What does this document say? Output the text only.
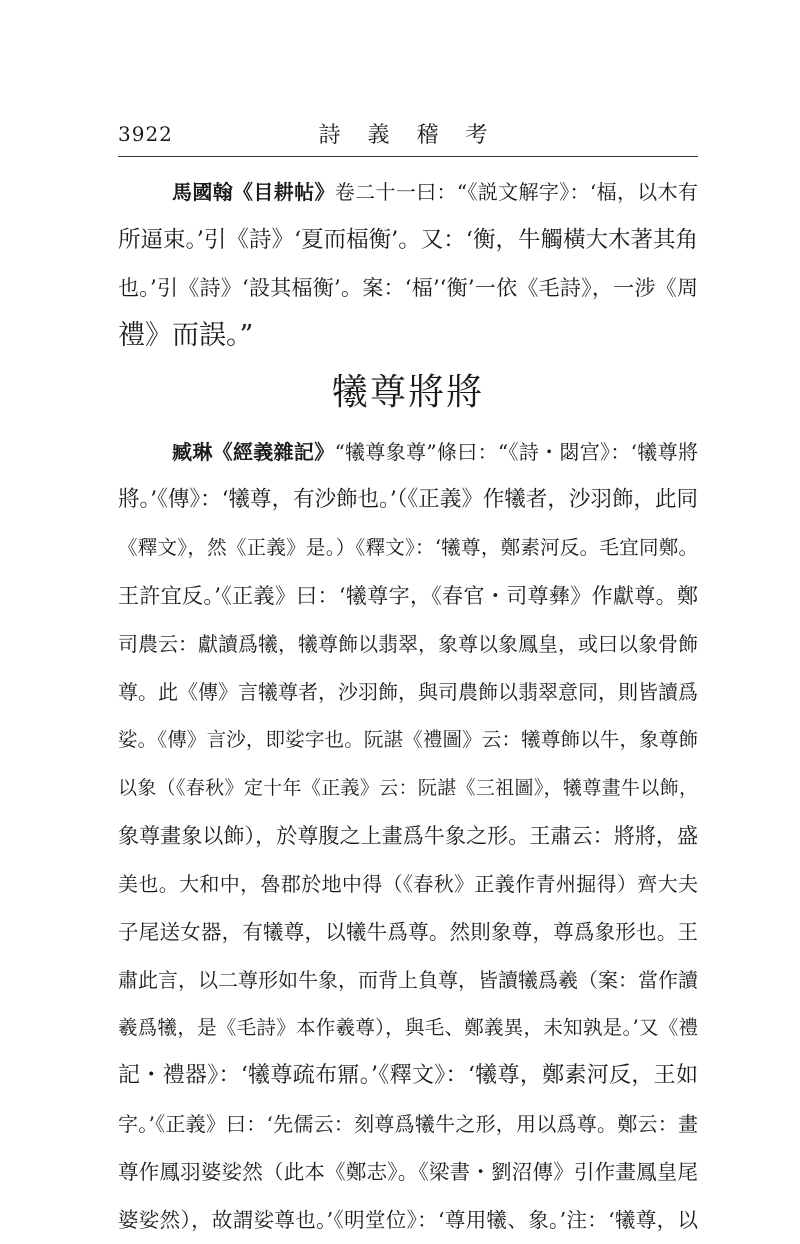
3922	詩 義 稽 考
馬國翰《目耕帖》卷二十一曰：“《説文解字》：‘楅，以木有
所逼束。’引《詩》‘夏而楅衡’。又：‘衡，牛觸橫大木著其角
也。’引《詩》‘設其楅衡’。案：‘楅’‘衡’一依《毛詩》，一涉《周
禮》而誤。”
犧尊將將
臧琳《經義雜記》“犧尊象尊”條曰：“《詩・閟宫》：‘犧尊將
將。’《傳》：‘犧尊，有沙飾也。’（《正義》作犧者，沙羽飾，此同
《釋文》，然《正義》是。）《釋文》：‘犧尊，鄭素河反。毛宜同鄭。
王許宜反。’《正義》曰：‘犧尊字，《春官・司尊彝》作獻尊。鄭
司農云：獻讀爲犧，犧尊飾以翡翠，象尊以象鳳皇，或曰以象骨飾
尊。此《傳》言犧尊者，沙羽飾，與司農飾以翡翠意同，則皆讀爲
娑。《傳》言沙，即娑字也。阮諶《禮圖》云：犧尊飾以牛，象尊飾
以象（《春秋》定十年《正義》云：阮諶《三祖圖》，犧尊畫牛以飾，
象尊畫象以飾），於尊腹之上畫爲牛象之形。王肅云：將將，盛
美也。大和中，魯郡於地中得（《春秋》正義作青州掘得）齊大夫
子尾送女器，有犧尊，以犧牛爲尊。然則象尊，尊爲象形也。王
肅此言，以二尊形如牛象，而背上負尊，皆讀犧爲羲（案：當作讀
羲爲犧，是《毛詩》本作羲尊），與毛、鄭義異，未知孰是。’又《禮
記・禮器》：‘犧尊疏布鼏。’《釋文》：‘犧尊，鄭素河反，王如
字。’《正義》曰：‘先儒云：刻尊爲犧牛之形，用以爲尊。鄭云：畫
尊作鳳羽婆娑然（此本《鄭志》。《梁書・劉沼傳》引作畫鳳皇尾
婆娑然），故謂娑尊也。’《明堂位》：‘尊用犧、象。’注：‘犧尊，以
